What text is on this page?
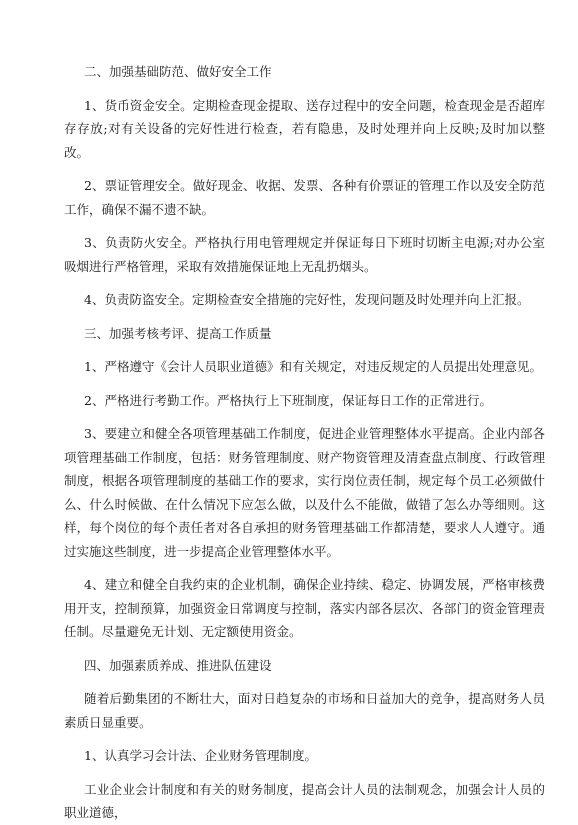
二、加强基础防范、做好安全工作

1、货币资金安全。定期检查现金提取、送存过程中的安全问题，检查现金是否超库存存放;对有关设备的完好性进行检查，若有隐患，及时处理并向上反映;及时加以整改。

2、票证管理安全。做好现金、收据、发票、各种有价票证的管理工作以及安全防范工作，确保不漏不遗不缺。

3、负责防火安全。严格执行用电管理规定并保证每日下班时切断主电源;对办公室吸烟进行严格管理，采取有效措施保证地上无乱扔烟头。

4、负责防盗安全。定期检查安全措施的完好性，发现问题及时处理并向上汇报。

三、加强考核考评、提高工作质量

1、严格遵守《会计人员职业道德》和有关规定，对违反规定的人员提出处理意见。

2、严格进行考勤工作。严格执行上下班制度，保证每日工作的正常进行。

3、要建立和健全各项管理基础工作制度，促进企业管理整体水平提高。企业内部各项管理基础工作制度，包括：财务管理制度、财产物资管理及清查盘点制度、行政管理制度，根据各项管理制度的基础工作的要求，实行岗位责任制，规定每个员工必须做什么、什么时候做、在什么情况下应怎么做，以及什么不能做，做错了怎么办等细则。这样，每个岗位的每个责任者对各自承担的财务管理基础工作都清楚，要求人人遵守。通过实施这些制度，进一步提高企业管理整体水平。

4、建立和健全自我约束的企业机制，确保企业持续、稳定、协调发展，严格审核费用开支，控制预算，加强资金日常调度与控制，落实内部各层次、各部门的资金管理责任制。尽量避免无计划、无定额使用资金。

四、加强素质养成、推进队伍建设

随着后勤集团的不断壮大，面对日趋复杂的市场和日益加大的竞争，提高财务人员素质日显重要。

1、认真学习会计法、企业财务管理制度。

工业企业会计制度和有关的财务制度，提高会计人员的法制观念，加强会计人员的职业道德，
